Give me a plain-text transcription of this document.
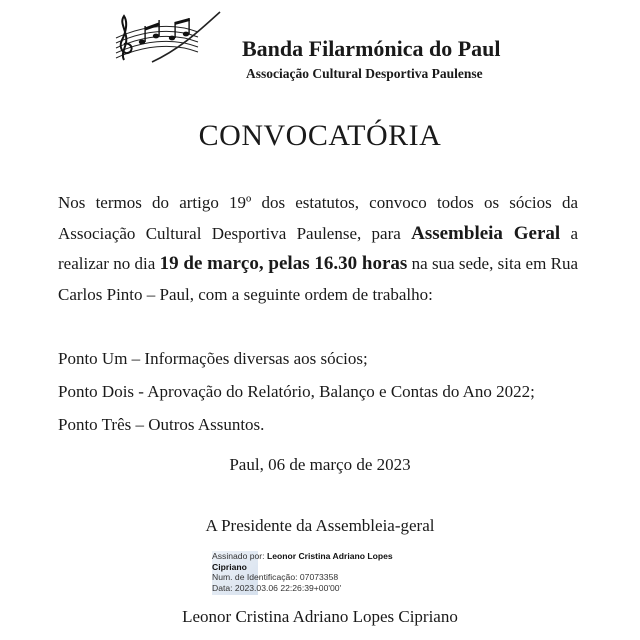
Banda Filarmónica do Paul
Associação Cultural Desportiva Paulense
CONVOCATÓRIA
Nos termos do artigo 19º dos estatutos, convoco todos os sócios da Associação Cultural Desportiva Paulense, para Assembleia Geral a realizar no dia 19 de março, pelas 16.30 horas na sua sede, sita em Rua Carlos Pinto – Paul, com a seguinte ordem de trabalho:
Ponto Um – Informações diversas aos sócios;
Ponto Dois - Aprovação do Relatório, Balanço e Contas do Ano 2022;
Ponto Três – Outros Assuntos.
Paul, 06 de março de 2023
A Presidente da Assembleia-geral
Assinado por: Leonor Cristina Adriano Lopes
Cipriano
Num. de Identificação: 07073358
Data: 2023.03.06 22:26:39+00'00'
Leonor Cristina Adriano Lopes Cipriano
